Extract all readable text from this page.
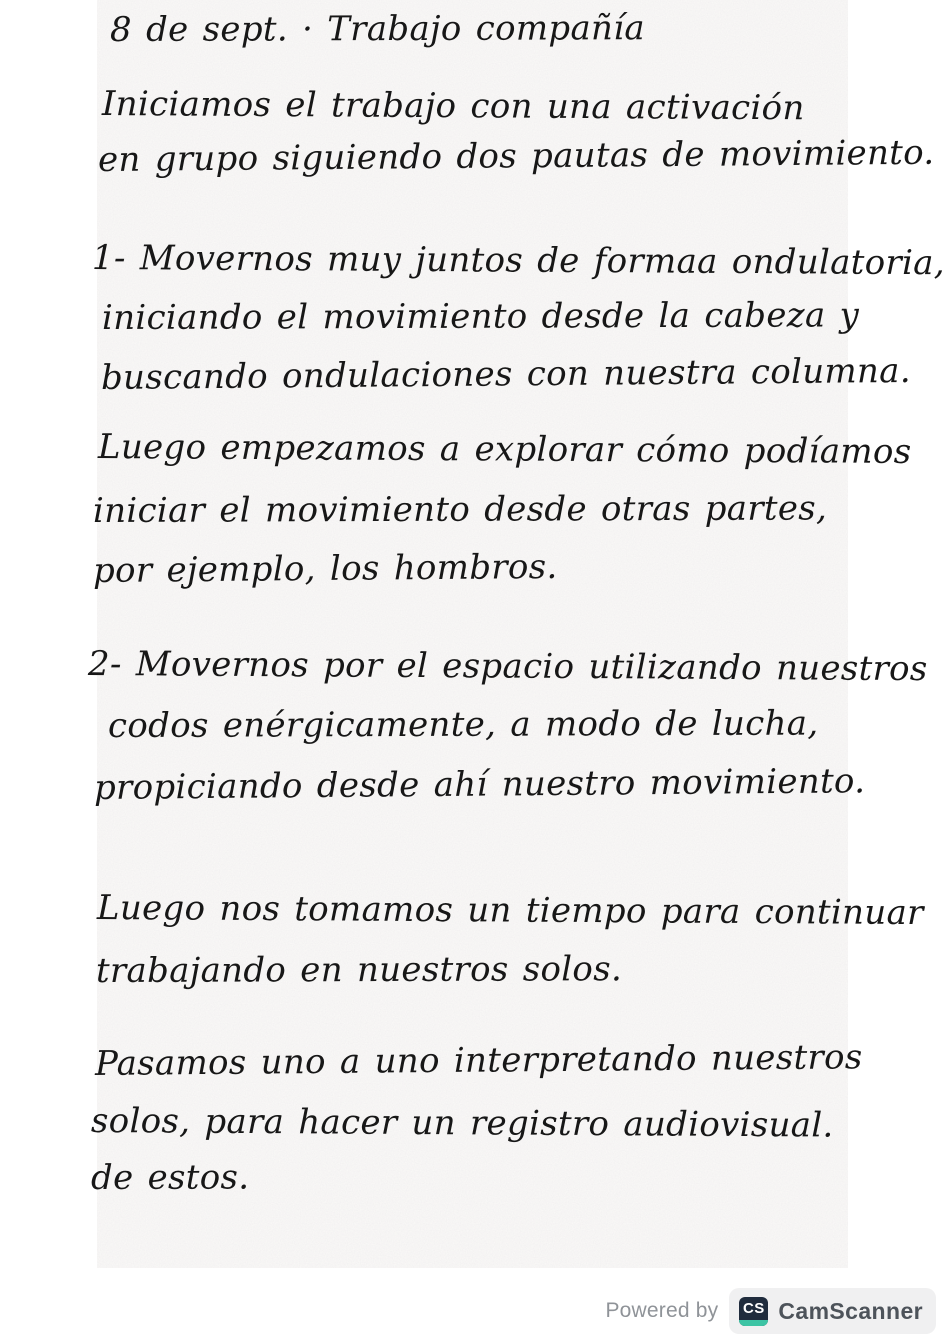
8 de sept. · Trabajo compañía
Iniciamos el trabajo con una activación
en grupo siguiendo dos pautas de movimiento.
1- Movernos muy juntos de formaa ondulatoria,
iniciando el movimiento desde la cabeza y
buscando ondulaciones con nuestra columna.
Luego empezamos a explorar cómo podíamos
iniciar el movimiento desde otras partes,
por ejemplo, los hombros.
2- Movernos por el espacio utilizando nuestros
codos enérgicamente, a modo de lucha,
propiciando desde ahí nuestro movimiento.
Luego nos tomamos un tiempo para continuar
trabajando en nuestros solos.
Pasamos uno a uno interpretando nuestros
solos, para hacer un registro audiovisual.
de estos.
Powered by CS CamScanner
